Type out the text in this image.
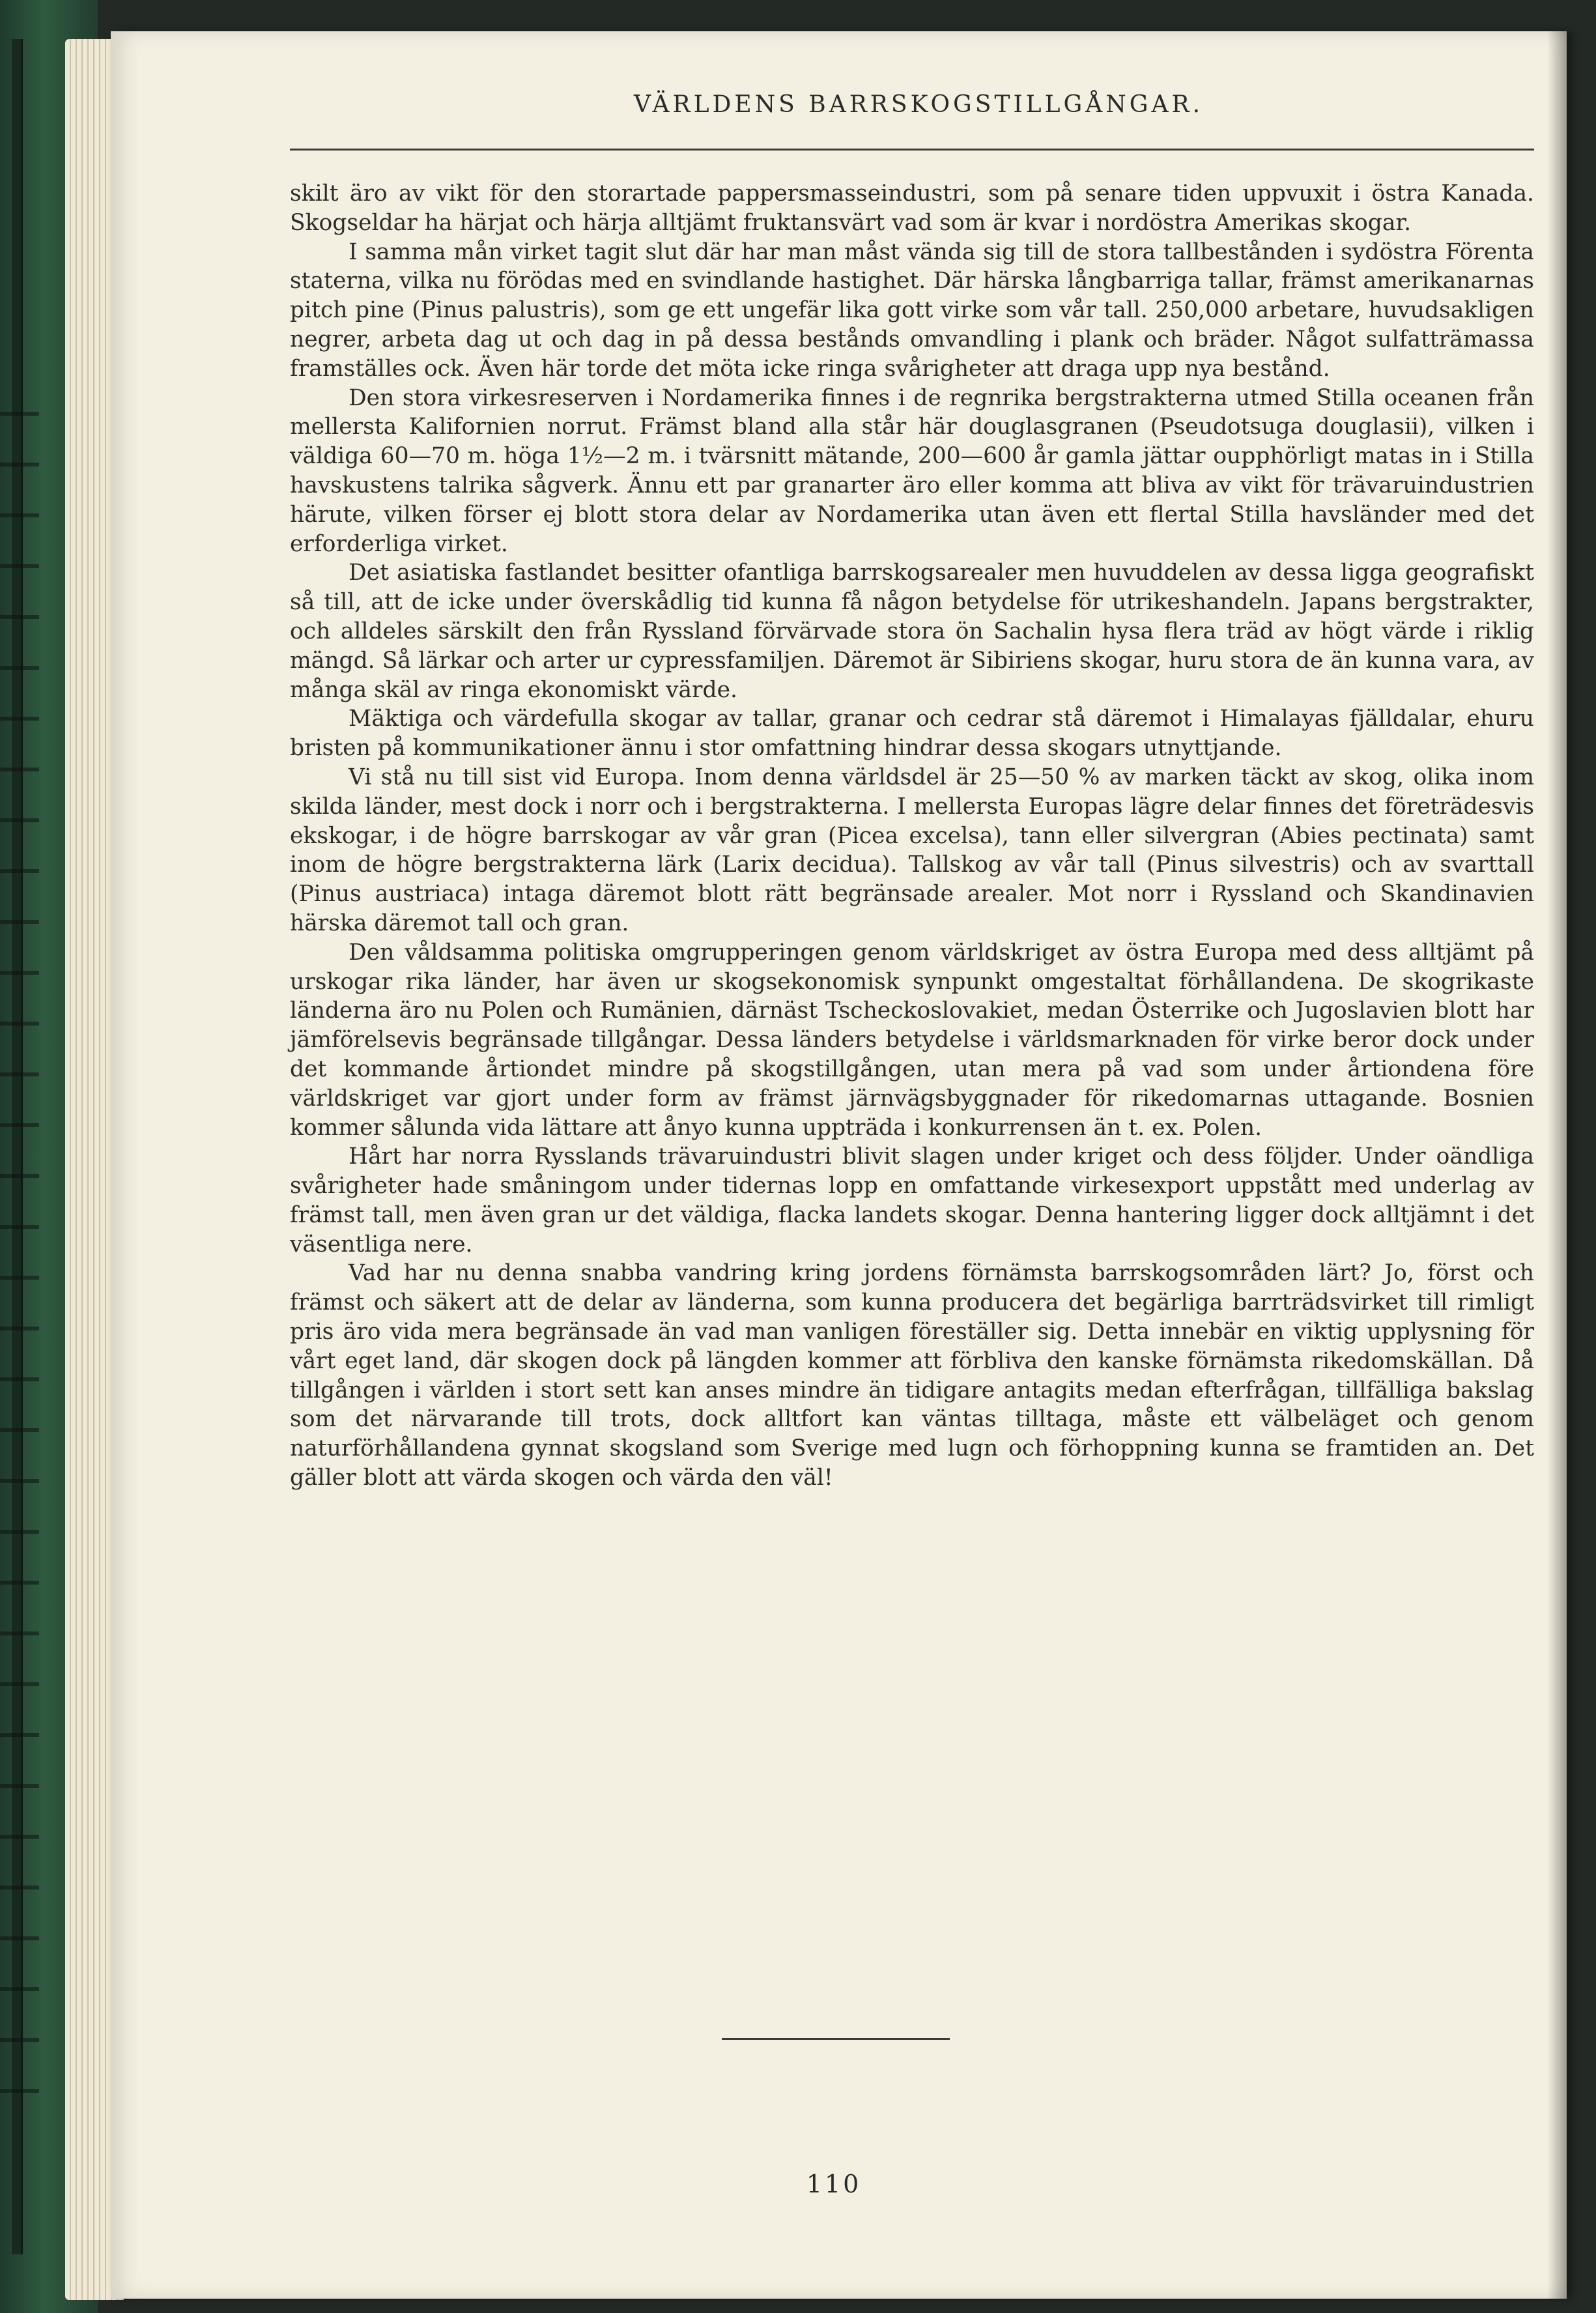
VÄRLDENS BARRSKOGSTILLGÅNGAR.

skilt äro av vikt för den storartade pappersmasseindustri, som på senare tiden uppvuxit i östra Kanada. Skogseldar ha härjat och härja alltjämt fruktansvärt vad som är kvar i nordöstra Amerikas skogar.

I samma mån virket tagit slut där har man måst vända sig till de stora tallbestånden i sydöstra Förenta staterna, vilka nu förödas med en svindlande hastighet. Där härska långbarriga tallar, främst amerikanarnas pitch pine (Pinus palustris), som ge ett ungefär lika gott virke som vår tall. 250,000 arbetare, huvudsakligen negrer, arbeta dag ut och dag in på dessa bestånds omvandling i plank och bräder. Något sulfatträmassa framställes ock. Även här torde det möta icke ringa svårigheter att draga upp nya bestånd.

Den stora virkesreserven i Nordamerika finnes i de regnrika bergstrakterna utmed Stilla oceanen från mellersta Kalifornien norrut. Främst bland alla står här douglasgranen (Pseudotsuga douglasii), vilken i väldiga 60—70 m. höga 1½—2 m. i tvärsnitt mätande, 200—600 år gamla jättar oupphörligt matas in i Stilla havskustens talrika sågverk. Ännu ett par granarter äro eller komma att bliva av vikt för trävaruindustrien härute, vilken förser ej blott stora delar av Nordamerika utan även ett flertal Stilla havsländer med det erforderliga virket.

Det asiatiska fastlandet besitter ofantliga barrskogsarealer men huvuddelen av dessa ligga geografiskt så till, att de icke under överskådlig tid kunna få någon betydelse för utrikeshandeln. Japans bergstrakter, och alldeles särskilt den från Ryssland förvärvade stora ön Sachalin hysa flera träd av högt värde i riklig mängd. Så lärkar och arter ur cypressfamiljen. Däremot är Sibiriens skogar, huru stora de än kunna vara, av många skäl av ringa ekonomiskt värde.

Mäktiga och värdefulla skogar av tallar, granar och cedrar stå däremot i Himalayas fjälldalar, ehuru bristen på kommunikationer ännu i stor omfattning hindrar dessa skogars utnyttjande.

Vi stå nu till sist vid Europa. Inom denna världsdel är 25—50 % av marken täckt av skog, olika inom skilda länder, mest dock i norr och i bergstrakterna. I mellersta Europas lägre delar finnes det företrädesvis ekskogar, i de högre barrskogar av vår gran (Picea excelsa), tann eller silvergran (Abies pectinata) samt inom de högre bergstrakterna lärk (Larix decidua). Tallskog av vår tall (Pinus silvestris) och av svarttall (Pinus austriaca) intaga däremot blott rätt begränsade arealer. Mot norr i Ryssland och Skandinavien härska däremot tall och gran.

Den våldsamma politiska omgrupperingen genom världskriget av östra Europa med dess alltjämt på urskogar rika länder, har även ur skogsekonomisk synpunkt omgestaltat förhållandena. De skogrikaste länderna äro nu Polen och Rumänien, därnäst Tscheckoslovakiet, medan Österrike och Jugoslavien blott har jämförelsevis begränsade tillgångar. Dessa länders betydelse i världsmarknaden för virke beror dock under det kommande årtiondet mindre på skogstillgången, utan mera på vad som under årtiondena före världskriget var gjort under form av främst järnvägsbyggnader för rikedomarnas uttagande. Bosnien kommer sålunda vida lättare att ånyo kunna uppträda i konkurrensen än t. ex. Polen.

Hårt har norra Rysslands trävaruindustri blivit slagen under kriget och dess följder. Under oändliga svårigheter hade småningom under tidernas lopp en omfattande virkesexport uppstått med underlag av främst tall, men även gran ur det väldiga, flacka landets skogar. Denna hantering ligger dock alltjämnt i det väsentliga nere.

Vad har nu denna snabba vandring kring jordens förnämsta barrskogsområden lärt? Jo, först och främst och säkert att de delar av länderna, som kunna producera det begärliga barrträdsvirket till rimligt pris äro vida mera begränsade än vad man vanligen föreställer sig. Detta innebär en viktig upplysning för vårt eget land, där skogen dock på längden kommer att förbliva den kanske förnämsta rikedomskällan. Då tillgången i världen i stort sett kan anses mindre än tidigare antagits medan efterfrågan, tillfälliga bakslag som det närvarande till trots, dock alltfort kan väntas tilltaga, måste ett välbeläget och genom naturförhållandena gynnat skogsland som Sverige med lugn och förhoppning kunna se framtiden an. Det gäller blott att värda skogen och värda den väl!

110
